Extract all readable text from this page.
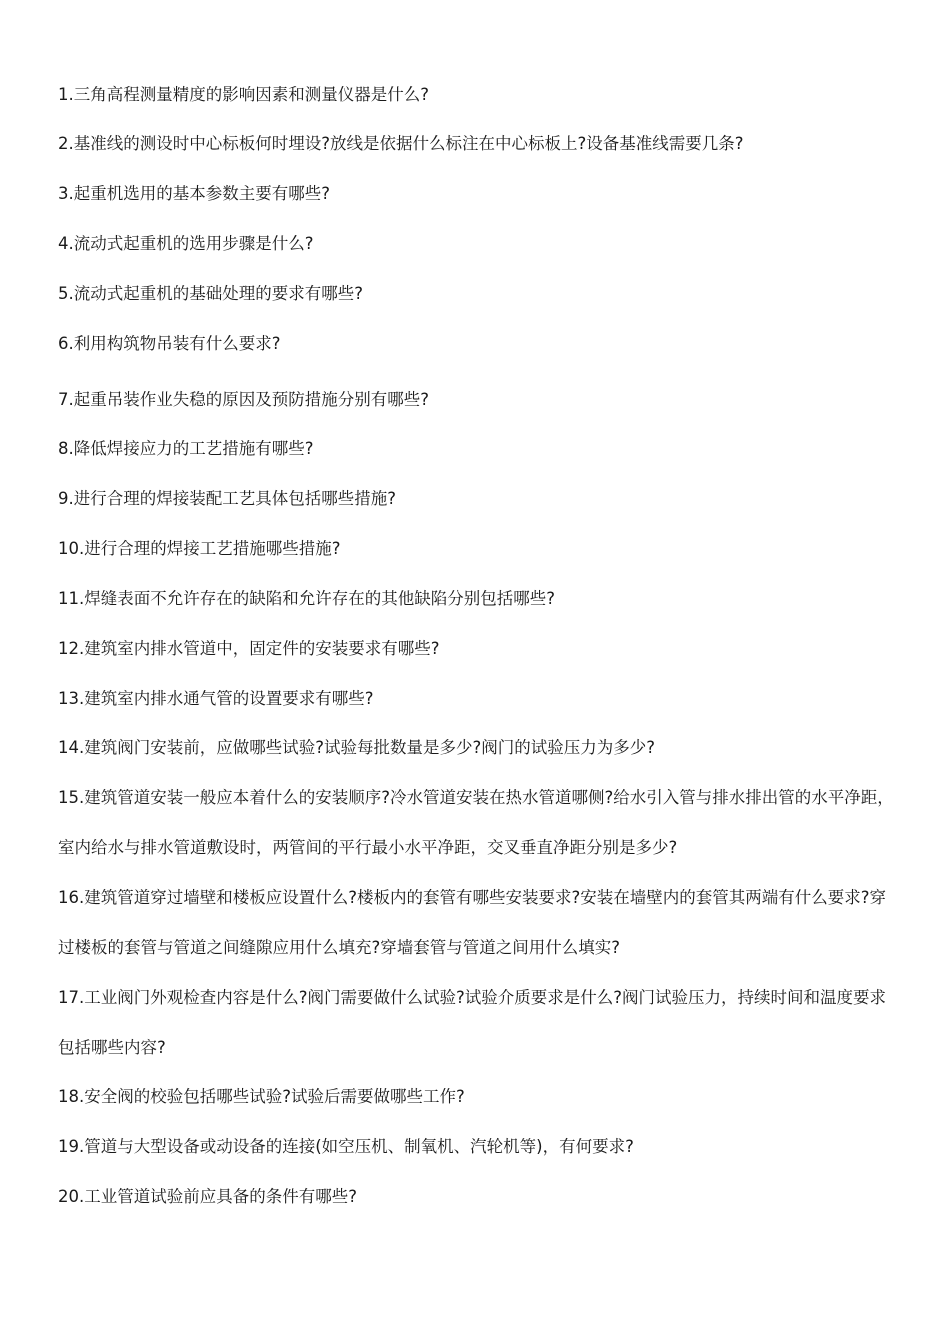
1.三角高程测量精度的影响因素和测量仪器是什么?

2.基准线的测设时中心标板何时埋设?放线是依据什么标注在中心标板上?设备基准线需要几条?

3.起重机选用的基本参数主要有哪些?

4.流动式起重机的选用步骤是什么?

5.流动式起重机的基础处理的要求有哪些?

6.利用构筑物吊装有什么要求?

7.起重吊装作业失稳的原因及预防措施分别有哪些?

8.降低焊接应力的工艺措施有哪些?

9.进行合理的焊接装配工艺具体包括哪些措施?

10.进行合理的焊接工艺措施哪些措施?

11.焊缝表面不允许存在的缺陷和允许存在的其他缺陷分别包括哪些?

12.建筑室内排水管道中，固定件的安装要求有哪些?

13.建筑室内排水通气管的设置要求有哪些?

14.建筑阀门安装前，应做哪些试验?试验每批数量是多少?阀门的试验压力为多少?

15.建筑管道安装一般应本着什么的安装顺序?冷水管道安装在热水管道哪侧?给水引入管与排水排出管的水平净距，室内给水与排水管道敷设时，两管间的平行最小水平净距，交叉垂直净距分别是多少?

16.建筑管道穿过墙壁和楼板应设置什么?楼板内的套管有哪些安装要求?安装在墙壁内的套管其两端有什么要求?穿过楼板的套管与管道之间缝隙应用什么填充?穿墙套管与管道之间用什么填实?

17.工业阀门外观检查内容是什么?阀门需要做什么试验?试验介质要求是什么?阀门试验压力，持续时间和温度要求包括哪些内容?

18.安全阀的校验包括哪些试验?试验后需要做哪些工作?

19.管道与大型设备或动设备的连接(如空压机、制氧机、汽轮机等)，有何要求?

20.工业管道试验前应具备的条件有哪些?
